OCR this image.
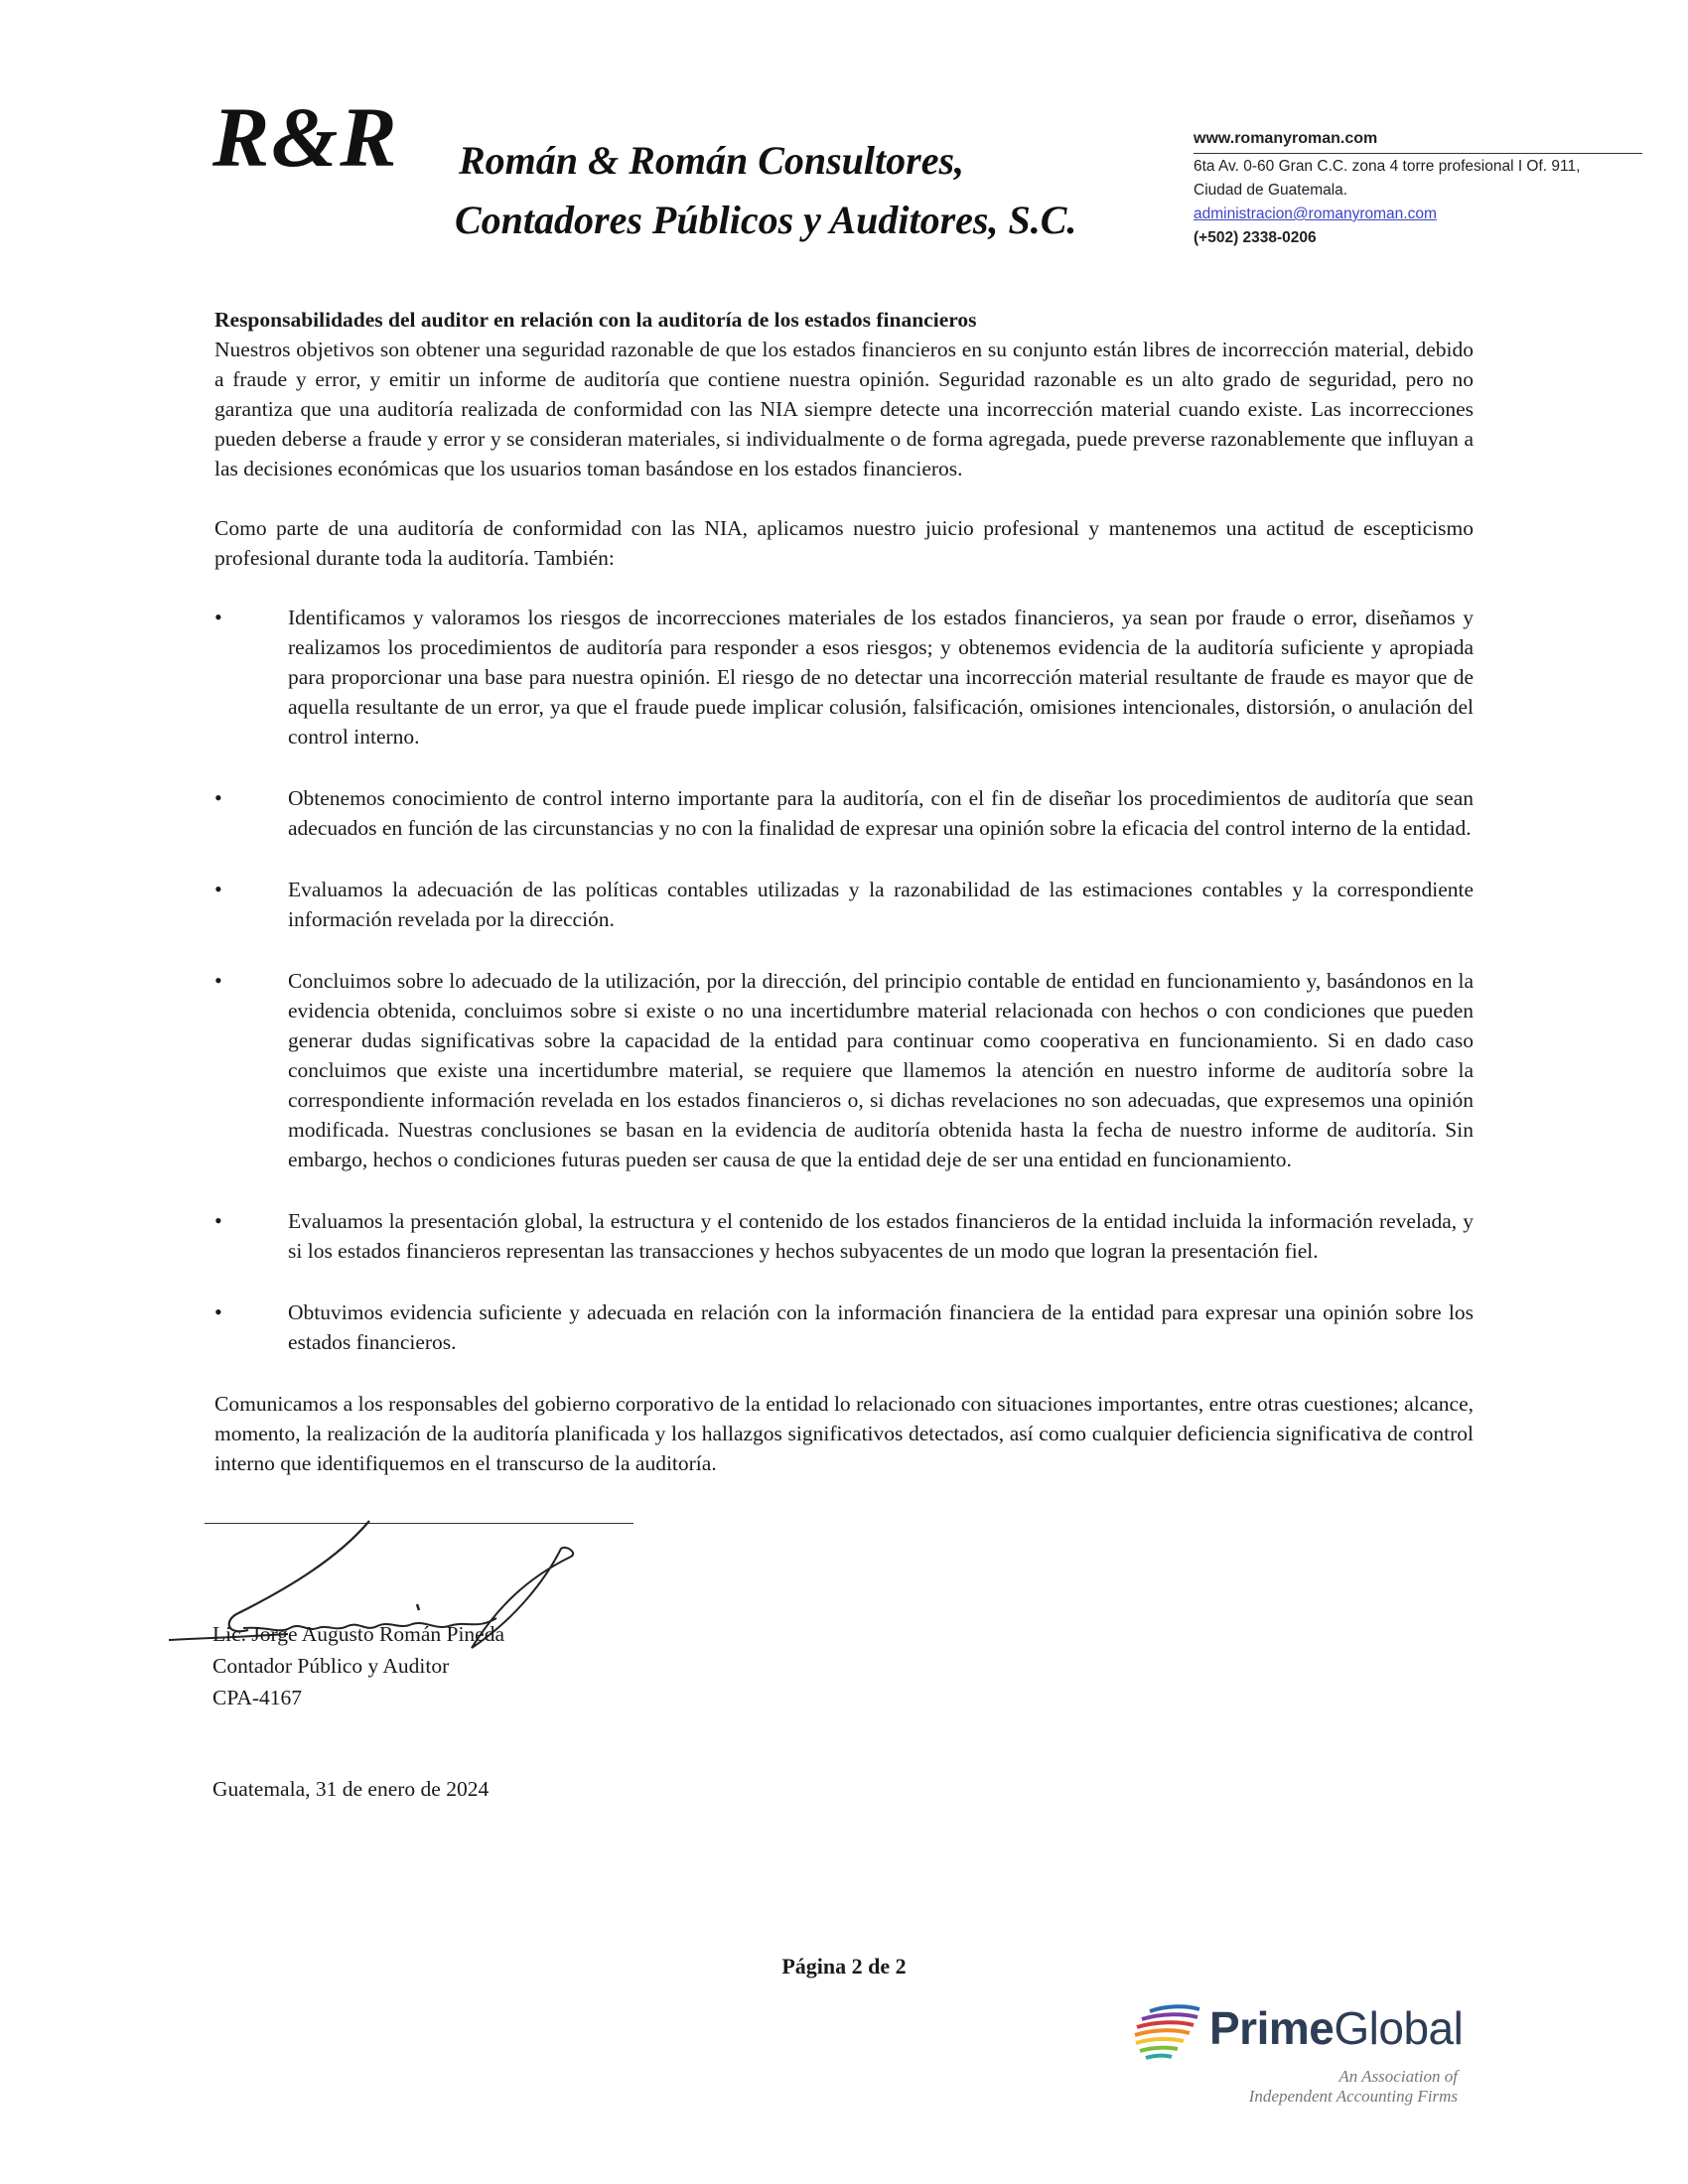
R&R Román & Román Consultores,
Contadores Públicos y Auditores, S.C.
www.romanyroman.com
6ta Av. 0-60 Gran C.C. zona 4 torre profesional I Of. 911,
Ciudad de Guatemala.
administracion@romanyroman.com
(+502) 2338-0206
Responsabilidades del auditor en relación con la auditoría de los estados financieros

Nuestros objetivos son obtener una seguridad razonable de que los estados financieros en su conjunto están libres de incorrección material, debido a fraude y error, y emitir un informe de auditoría que contiene nuestra opinión. Seguridad razonable es un alto grado de seguridad, pero no garantiza que una auditoría realizada de conformidad con las NIA siempre detecte una incorrección material cuando existe. Las incorrecciones pueden deberse a fraude y error y se consideran materiales, si individualmente o de forma agregada, puede preverse razonablemente que influyan a las decisiones económicas que los usuarios toman basándose en los estados financieros.

Como parte de una auditoría de conformidad con las NIA, aplicamos nuestro juicio profesional y mantenemos una actitud de escepticismo profesional durante toda la auditoría. También:

•	Identificamos y valoramos los riesgos de incorrecciones materiales de los estados financieros, ya sean por fraude o error, diseñamos y realizamos los procedimientos de auditoría para responder a esos riesgos; y obtenemos evidencia de la auditoría suficiente y apropiada para proporcionar una base para nuestra opinión. El riesgo de no detectar una incorrección material resultante de fraude es mayor que de aquella resultante de un error, ya que el fraude puede implicar colusión, falsificación, omisiones intencionales, distorsión, o anulación del control interno.
•	Obtenemos conocimiento de control interno importante para la auditoría, con el fin de diseñar los procedimientos de auditoría que sean adecuados en función de las circunstancias y no con la finalidad de expresar una opinión sobre la eficacia del control interno de la entidad.
•	Evaluamos la adecuación de las políticas contables utilizadas y la razonabilidad de las estimaciones contables y la correspondiente información revelada por la dirección.
•	Concluimos sobre lo adecuado de la utilización, por la dirección, del principio contable de entidad en funcionamiento y, basándonos en la evidencia obtenida, concluimos sobre si existe o no una incertidumbre material relacionada con hechos o con condiciones que pueden generar dudas significativas sobre la capacidad de la entidad para continuar como cooperativa en funcionamiento. Si en dado caso concluimos que existe una incertidumbre material, se requiere que llamemos la atención en nuestro informe de auditoría sobre la correspondiente información revelada en los estados financieros o, si dichas revelaciones no son adecuadas, que expresemos una opinión modificada. Nuestras conclusiones se basan en la evidencia de auditoría obtenida hasta la fecha de nuestro informe de auditoría. Sin embargo, hechos o condiciones futuras pueden ser causa de que la entidad deje de ser una entidad en funcionamiento.
•	Evaluamos la presentación global, la estructura y el contenido de los estados financieros de la entidad incluida la información revelada, y si los estados financieros representan las transacciones y hechos subyacentes de un modo que logran la presentación fiel.
•	Obtuvimos evidencia suficiente y adecuada en relación con la información financiera de la entidad para expresar una opinión sobre los estados financieros.

Comunicamos a los responsables del gobierno corporativo de la entidad lo relacionado con situaciones importantes, entre otras cuestiones; alcance, momento, la realización de la auditoría planificada y los hallazgos significativos detectados, así como cualquier deficiencia significativa de control interno que identifiquemos en el transcurso de la auditoría.

Lic. Jorge Augusto Román Pineda
Contador Público y Auditor
CPA-4167
Guatemala, 31 de enero de 2024
Página 2 de 2
PrimeGlobal
An Association of
Independent Accounting Firms
